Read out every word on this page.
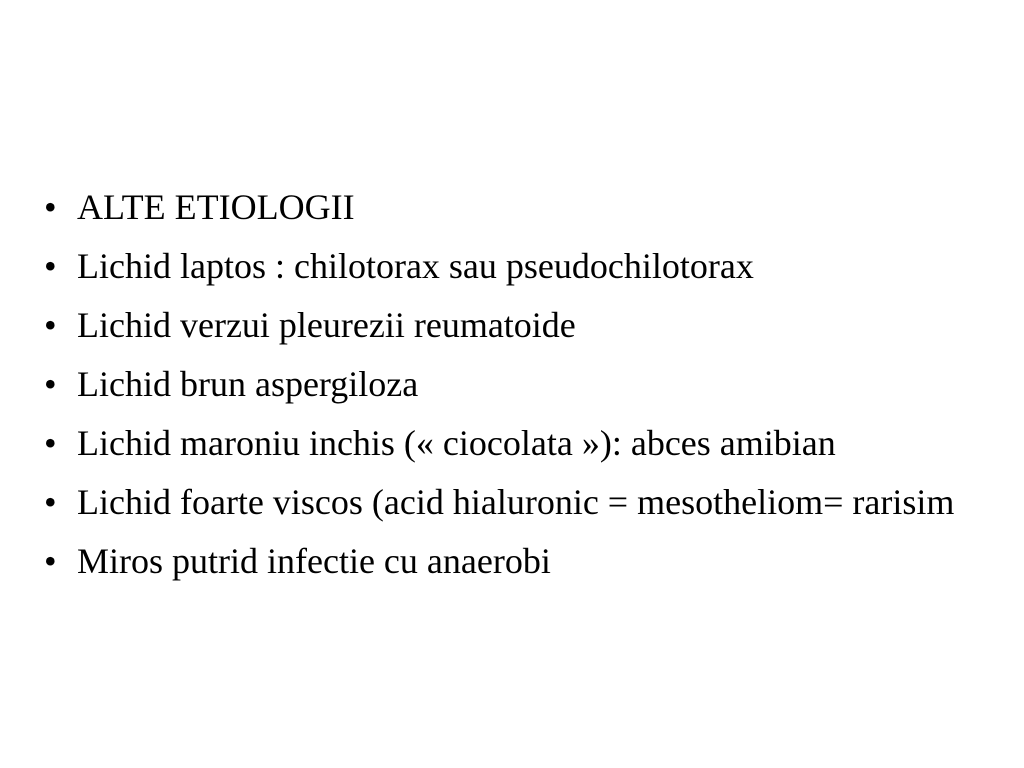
• ALTE ETIOLOGII
• Lichid laptos : chilotorax sau pseudochilotorax
• Lichid verzui pleurezii reumatoide
• Lichid brun aspergiloza
• Lichid maroniu inchis (« ciocolata »): abces amibian
• Lichid foarte viscos (acid hialuronic = mesotheliom= rarisim
• Miros putrid infectie cu anaerobi
